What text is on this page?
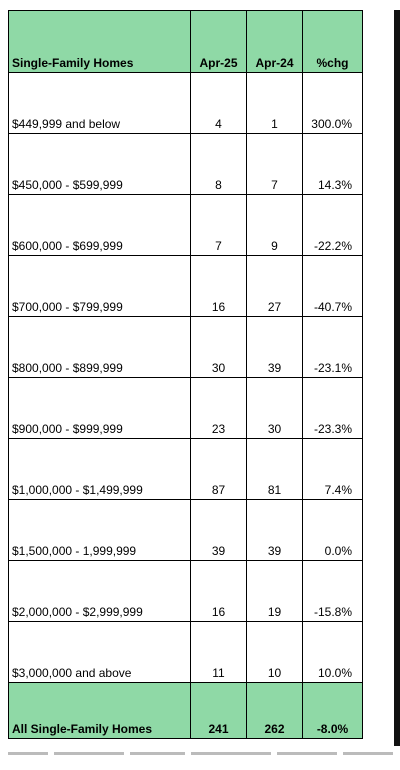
Single-Family Homes	Apr-25	Apr-24	%chg
$449,999 and below	4	1	300.0%
$450,000 - $599,999	8	7	14.3%
$600,000 - $699,999	7	9	-22.2%
$700,000 - $799,999	16	27	-40.7%
$800,000 - $899,999	30	39	-23.1%
$900,000 - $999,999	23	30	-23.3%
$1,000,000 - $1,499,999	87	81	7.4%
$1,500,000 - 1,999,999	39	39	0.0%
$2,000,000 - $2,999,999	16	19	-15.8%
$3,000,000 and above	11	10	10.0%
All Single-Family Homes	241	262	-8.0%
